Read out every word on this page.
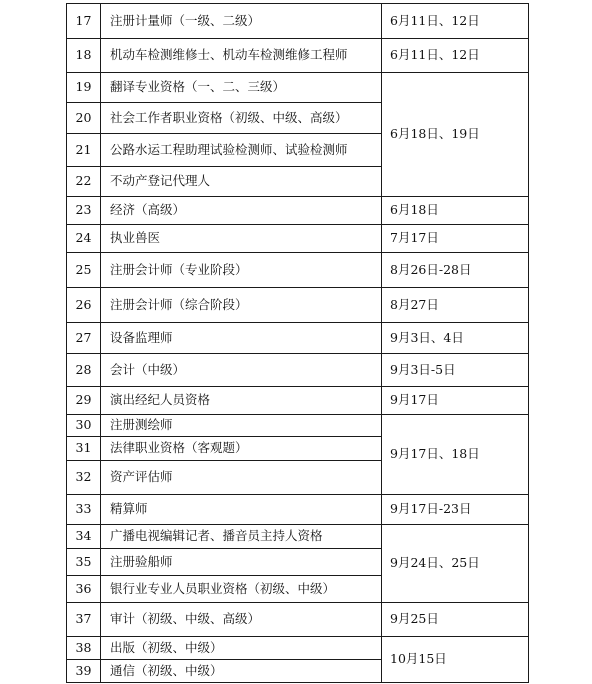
17	注册计量师（一级、二级）	6月11日、12日
18	机动车检测维修士、机动车检测维修工程师	6月11日、12日
19	翻译专业资格（一、二、三级）	6月18日、19日
20	社会工作者职业资格（初级、中级、高级）	
21	公路水运工程助理试验检测师、试验检测师	
22	不动产登记代理人	
23	经济（高级）	6月18日
24	执业兽医	7月17日
25	注册会计师（专业阶段）	8月26日-28日
26	注册会计师（综合阶段）	8月27日
27	设备监理师	9月3日、4日
28	会计（中级）	9月3日-5日
29	演出经纪人员资格	9月17日
30	注册测绘师	9月17日、18日
31	法律职业资格（客观题）	
32	资产评估师	
33	精算师	9月17日-23日
34	广播电视编辑记者、播音员主持人资格	9月24日、25日
35	注册验船师	
36	银行业专业人员职业资格（初级、中级）	
37	审计（初级、中级、高级）	9月25日
38	出版（初级、中级）	10月15日
39	通信（初级、中级）	
